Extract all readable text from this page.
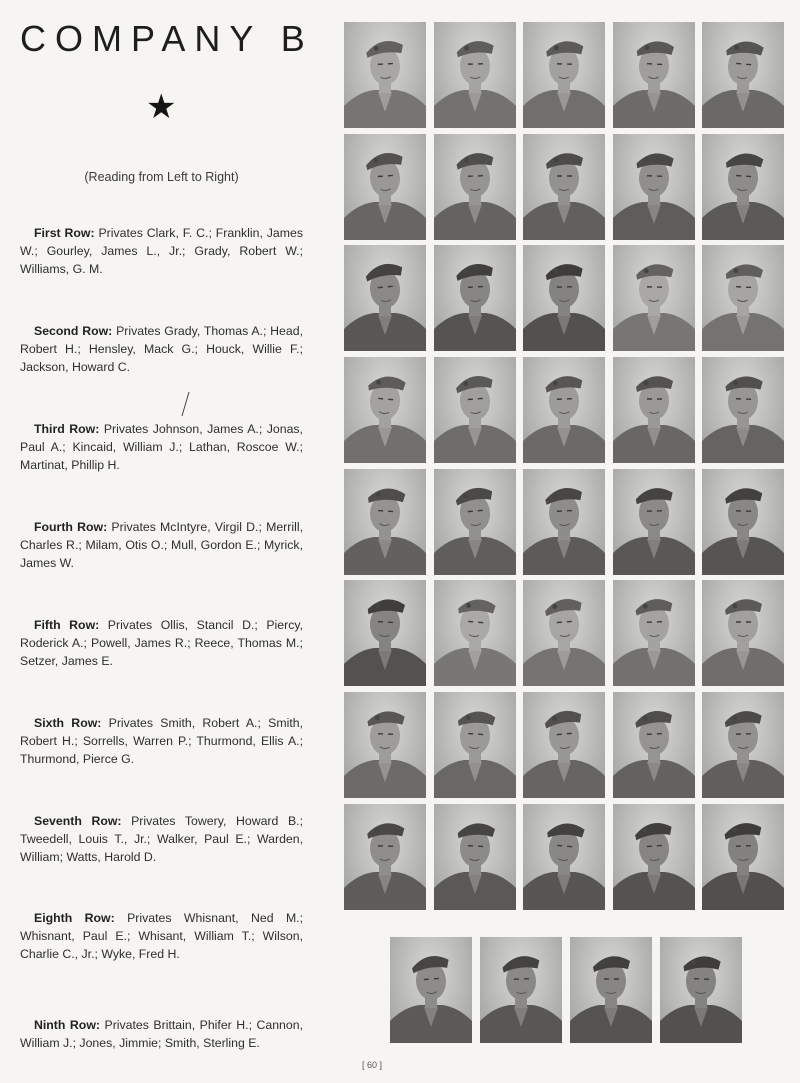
COMPANY B
★
(Reading from Left to Right)
First Row: Privates Clark, F. C.; Franklin, James W.; Gourley, James L., Jr.; Grady, Robert W.; Williams, G. M.
Second Row: Privates Grady, Thomas A.; Head, Robert H.; Hensley, Mack G.; Houck, Willie F.; Jackson, Howard C.
Third Row: Privates Johnson, James A.; Jonas, Paul A.; Kincaid, William J.; Lathan, Roscoe W.; Martinat, Phillip H.
Fourth Row: Privates McIntyre, Virgil D.; Merrill, Charles R.; Milam, Otis O.; Mull, Gordon E.; Myrick, James W.
Fifth Row: Privates Ollis, Stancil D.; Piercy, Roderick A.; Powell, James R.; Reece, Thomas M.; Setzer, James E.
Sixth Row: Privates Smith, Robert A.; Smith, Robert H.; Sorrells, Warren P.; Thurmond, Ellis A.; Thurmond, Pierce G.
Seventh Row: Privates Towery, Howard B.; Tweedell, Louis T., Jr.; Walker, Paul E.; Warden, William; Watts, Harold D.
Eighth Row: Privates Whisnant, Ned M.; Whisnant, Paul E.; Whisant, William T.; Wilson, Charlie C., Jr.; Wyke, Fred H.
Ninth Row: Privates Brittain, Phifer H.; Cannon, William J.; Jones, Jimmie; Smith, Sterling E.
[ 60 ]
